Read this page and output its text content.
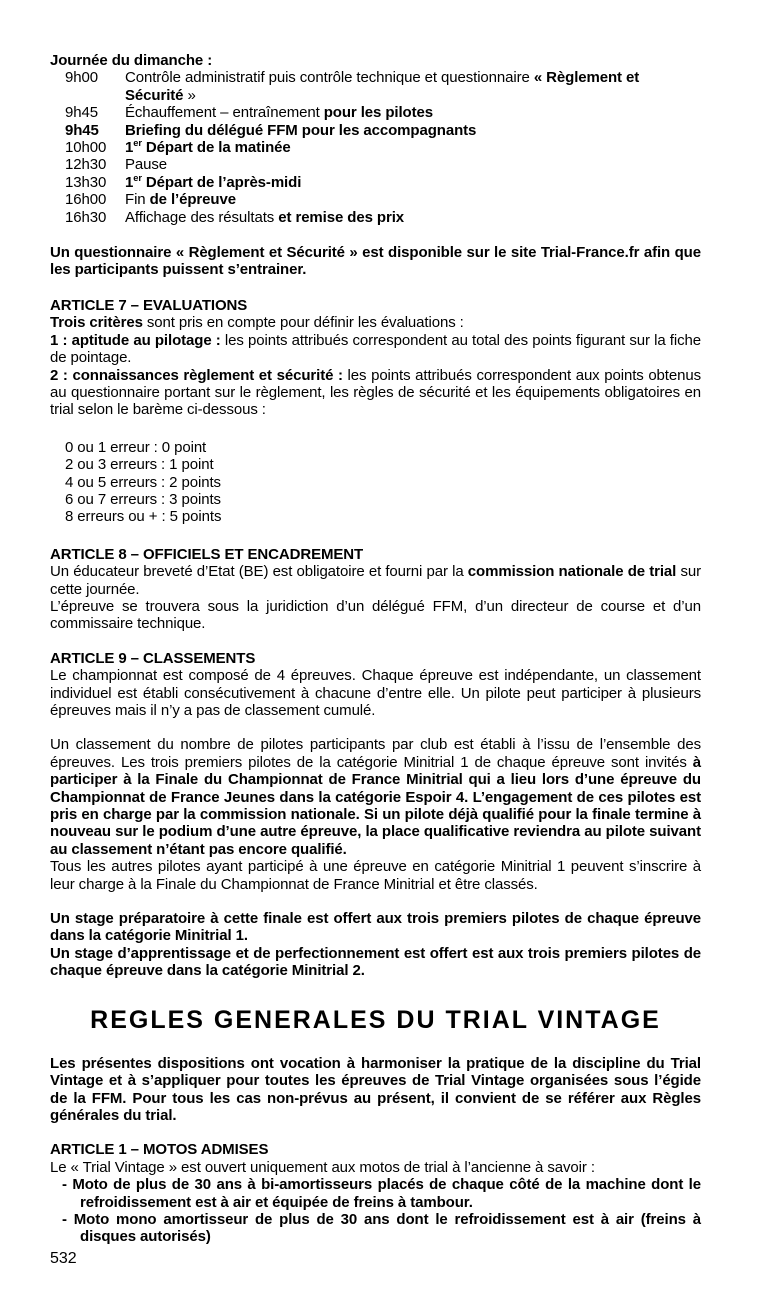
Journée du dimanche :
9h00	Contrôle administratif puis contrôle technique et questionnaire « Règlement et Sécurité »
9h45	Échauffement – entraînement pour les pilotes
9h45	Briefing du délégué FFM pour les accompagnants
10h00	1er Départ de la matinée
12h30	Pause
13h30	1er Départ de l’après-midi
16h00	Fin de l’épreuve
16h30	Affichage des résultats et remise des prix

Un questionnaire « Règlement et Sécurité » est disponible sur le site Trial-France.fr afin que les participants puissent s’entrainer.

ARTICLE 7 – EVALUATIONS

Trois critères sont pris en compte pour définir les évaluations :

1 : aptitude au pilotage : les points attribués correspondent au total des points figurant sur la fiche de pointage.

2 : connaissances règlement et sécurité : les points attribués correspondent aux points obtenus au questionnaire portant sur le règlement, les règles de sécurité et les équipements obligatoires en trial selon le barème ci-dessous :

0 ou 1 erreur : 0 point
2 ou 3 erreurs : 1 point
4 ou 5 erreurs : 2 points
6 ou 7 erreurs : 3 points
8 erreurs ou + : 5 points

ARTICLE 8 – OFFICIELS ET ENCADREMENT

Un éducateur breveté d’Etat (BE) est obligatoire et fourni par la commission nationale de trial sur cette journée.

L’épreuve se trouvera sous la juridiction d’un délégué FFM, d’un directeur de course et d’un commissaire technique.

ARTICLE 9 – CLASSEMENTS

Le championnat est composé de 4 épreuves. Chaque épreuve est indépendante, un classement individuel est établi consécutivement à chacune d’entre elle. Un pilote peut participer à plusieurs épreuves mais il n’y a pas de classement cumulé.

Un classement du nombre de pilotes participants par club est établi à l’issu de l’ensemble des épreuves. Les trois premiers pilotes de la catégorie Minitrial 1 de chaque épreuve sont invités à participer à la Finale du Championnat de France Minitrial qui a lieu lors d’une épreuve du Championnat de France Jeunes dans la catégorie Espoir 4. L’engagement de ces pilotes est pris en charge par la commission nationale. Si un pilote déjà qualifié pour la finale termine à nouveau sur le podium d’une autre épreuve, la place qualificative reviendra au pilote suivant au classement n’étant pas encore qualifié.

Tous les autres pilotes ayant participé à une épreuve en catégorie Minitrial 1 peuvent s’inscrire à leur charge à la Finale du Championnat de France Minitrial et être classés.

Un stage préparatoire à cette finale est offert aux trois premiers pilotes de chaque épreuve dans la catégorie Minitrial 1.

Un stage d’apprentissage et de perfectionnement est offert est aux trois premiers pilotes de chaque épreuve dans la catégorie Minitrial 2.

REGLES GENERALES DU TRIAL VINTAGE

Les présentes dispositions ont vocation à harmoniser la pratique de la discipline du Trial Vintage et à s’appliquer pour toutes les épreuves de Trial Vintage organisées sous l’égide de la FFM. Pour tous les cas non-prévus au présent, il convient de se référer aux Règles générales du trial.

ARTICLE 1 – MOTOS ADMISES

Le « Trial Vintage » est ouvert uniquement aux motos de trial à l’ancienne à savoir :

- Moto de plus de 30 ans à bi-amortisseurs placés de chaque côté de la machine dont le refroidissement est à air et équipée de freins à tambour.
- Moto mono amortisseur de plus de 30 ans dont le refroidissement est à air (freins à disques autorisés)
532
